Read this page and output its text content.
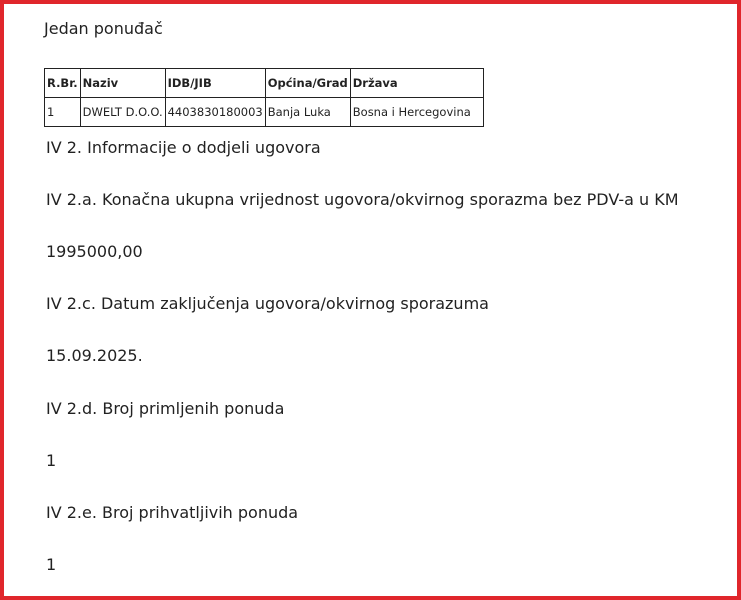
Jedan ponuđač
R.Br.	Naziv	IDB/JIB	Općina/Grad	Država
1	DWELT D.O.O.	4403830180003	Banja Luka	Bosna i Hercegovina
IV 2. Informacije o dodjeli ugovora
IV 2.a. Konačna ukupna vrijednost ugovora/okvirnog sporazma bez PDV-a u KM
1995000,00
IV 2.c. Datum zaključenja ugovora/okvirnog sporazuma
15.09.2025.
IV 2.d. Broj primljenih ponuda
1
IV 2.e. Broj prihvatljivih ponuda
1
